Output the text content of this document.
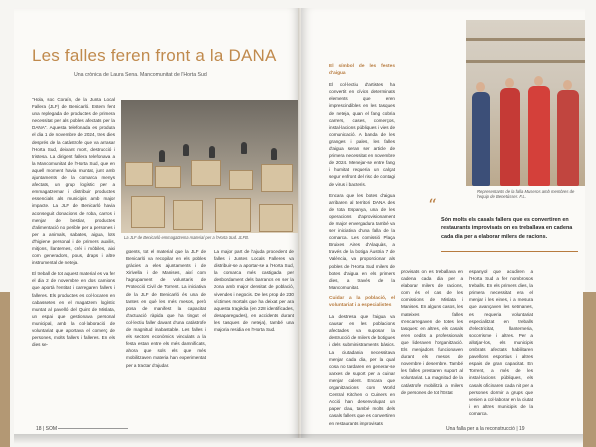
Les falles feren front a la DANA
Una crònica de Laura Sena. Mancomunitat de l'Horta Sud

"Hola, soc Coraín, de la Junta Local Fallera (JLF) de Benicarló. Estem fent una replegada de productes de primera necessitat per als pobles afectats per la DANA". Aquesta telefonada es produïa el dia 1 de novembre de 2024, tres dies després de la catàstrofe que va arrasar l'Horta Sud, deixant mort, destrucció i tristesa. La dirigent fallera telefonava a la Mancomunitat de l'Horta Sud, que en aquell moment havia muntat, junt amb ajuntaments de la comarca menys afectats, un grup logístic per a emmagatzemar i distribuir productes essencials als municipis amb major impacte. La JLF de Benicarló havia aconseguit donacions de roba, carros i menjar de bestiar, productes d'alimentació no perible per a persones i per a animals, sabates, aigua, lots d'higiene personal i de primers auxilis, mitjons, llanternes, crèi i mòbiles, aixi com generadors, pous, draps i altre instrumental de neteja.

El treball de tot aquest material es va fer el dia 2 de novembre en dos camions que aportà l'entitat i carregaren fallers i falleres. Els productes es col·locaren en cabassetes en el magatzem logístic muntat al pavelló del Quint de Mislata, un espai que gestionava personal municipal, amb la col·laboració de voluntariat que aportava el comerç de persones, molts fallers i falleres. En els dies se-

La JLF de Benicarló emmagatzema material per a l'Horta Sud. JLFB.

güents, tot el material que la JLF de Benicarló va recopilar en els pobles gràcies a eles ajuntaments i de Xirivella i de Manises, així com l'agrupament de voluntaris de Protecció Civil de Torrent. La iniciativa de la JLF de Benicarló és una de tantes en què les més mesos, però posa de manifest la capacitat d'actuació ràpida que ha tingut el col·lectiu faller davant d'una catàstrofe de magnitud inabastable. Les falles i els sectors econòmics vinculats a la festa estan entre els més damnificats, ahora que sols els que més mobilitzaven materia han experimentat per a tractar d'ajudar.

La major part de l'ajuda procedent de falles i Juntes Locals Falleres va distribuir-se a aportar-se a l'Horta Sud, la comarca més castigada per desbordament dels barrancs en ser la zona amb major densitat de població, vivendes i negocis. De les prop de 230 víctimes mortals que ha deixat per ara aquesta tragèdia (en 228 identificades, desaparegudes), en accidents durant les tasques de neteja), també una majoria residia en l'Horta Sud.

18 | SOM

El símbol de les festes d'aigua

El col·lectiu d'artistes ha convertit en cívics determinats elements que eren imprescindibles en les tasques de neteja, quan el fang cobria carrers, cases, comerços, instal·lacions públiques i vies de comunicació. A banda de les granges i pales, les falles d'aigua seran ser article de primera necessitat en novembre de 2024. Menejar-se entre fang i humitat requeria un calçat segur enfront del risc de contagi de virus i bacteris.

Encara que les botes d'aigua arribaren al territori DANA des de tota Espanya, una de les operacions d'aprovisionament de major envergadura també va ser iniciativa d'una falla de la comarca. Les comissió Plaça Bruixes Aires d'Alaquàs, a través de la botiga Àustria 7 de València, va proporcionar als pobles de l'Horta Sud milers de botes d'aigua en els primers dies, a través de la Mancomunitat.

Cuidar a la població, el voluntariat i a especialistes

La destresa que l'aigua va causar en les poblacions afectades va suposar la destrucció de milers de botigues i dels subministraments bàsics. La ciutadania necessitava menjar cada dia, per la qual cosa no tardaren en generar-se xarxes de suport per a cuinar menjar calent. Encara que organitzacions com World Central Kitchen o Cuiners en Acció han desenvolupat un paper clau, també molts dels casals fallers que es convertiren en restaurants improvisats

Representants de la falla Museros amb membres de l'equip de Benetússer. F.L.
“
Són molts els casals fallers que es convertiren en restaurants improvisats on es treballava en cadena cada dia per a elaborar milers de racions.

provisats on es treballava en cadena cada dia per a elaborar milers de racions, com és el cas de les comissions de Mislata i Manises. En alguns casos, les mateixes falles s'encarregaven de totes les tasques: en altres, els casals eren cedits a professionals que lideraven l'organització. Els menjadors funcionaven durant els mesos de novembre i desembre. També les falles prestaren suport al voluntariat. La magnitud de la catàstrofe mobilitzà a milers de persones de tot l'Estat

espanyol que acudiren a l'Horta Sud a fer nombrosos treballs. En els primers dies, la primera necessitat era el menjar i les eines, i a mesura que avançaven les setmanes, es requeria voluntariat especialitzat en treballs d'electricitat, llanterneria, socorrisme i altres. Per a allotjar-los, els municipis ombrats afectats habilitaren pavellons esportius i altres espais de gran capacitat. En Torrent, a més de les instal·lacions públiques, els casals oficinaren cada nit per a persones dormir a grups que venien a col·laborar en la ciutat i en altres municipis de la comarca.

Una falla per a la reconstrucció | 19
